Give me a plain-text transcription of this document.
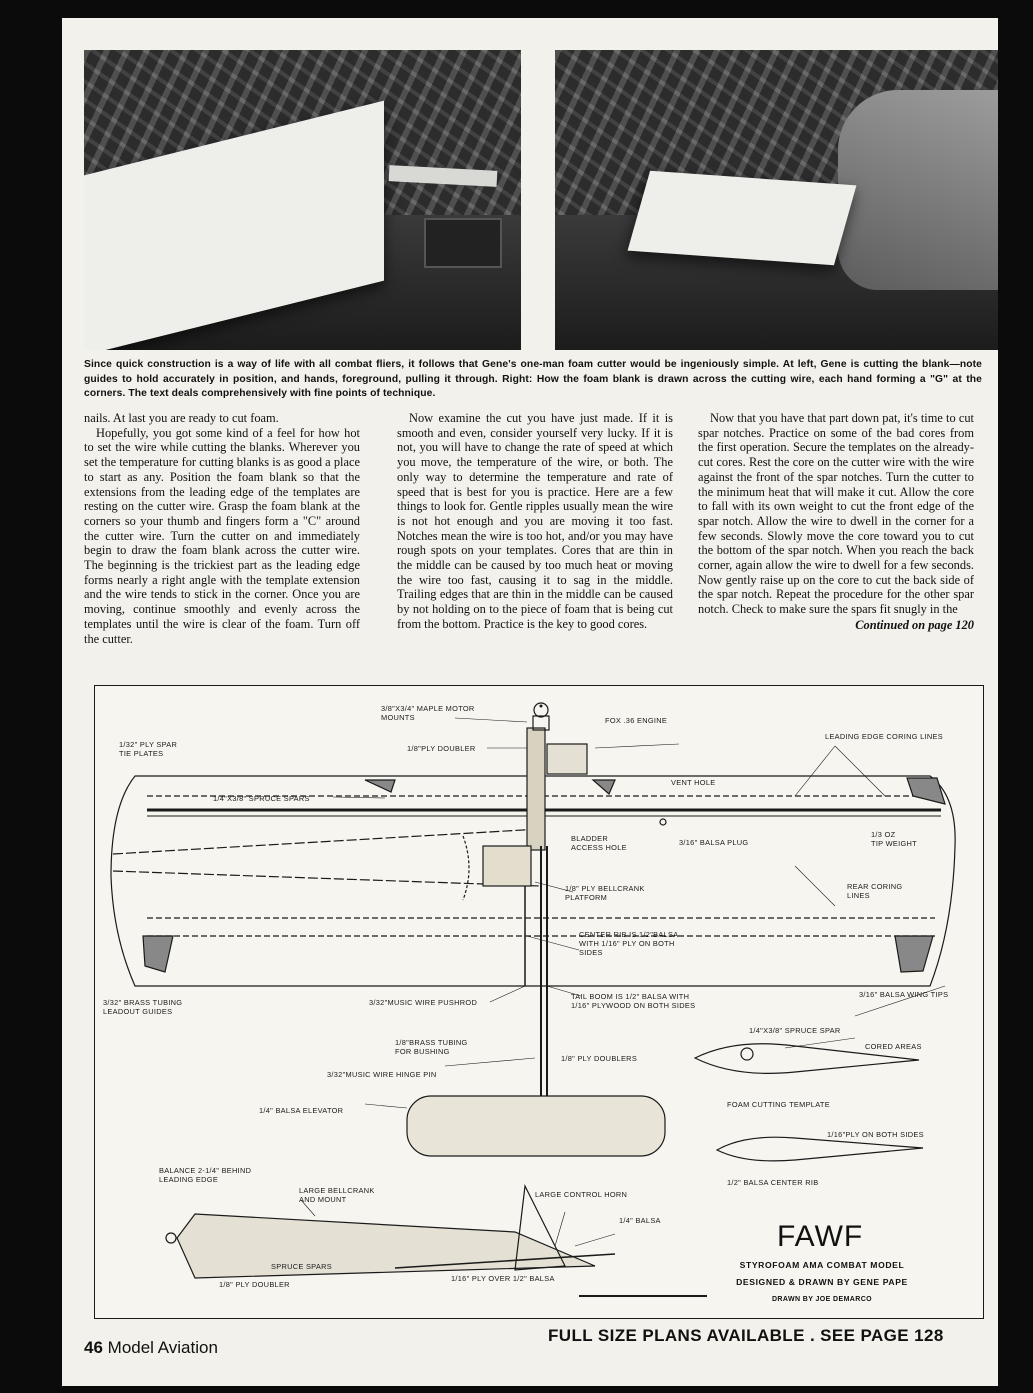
Since quick construction is a way of life with all combat fliers, it follows that Gene's one-man foam cutter would be ingeniously simple. At left, Gene is cutting the blank—note guides to hold accurately in position, and hands, foreground, pulling it through. Right: How the foam blank is drawn across the cutting wire, each hand forming a "G" at the corners. The text deals comprehensively with fine points of technique.

nails. At last you are ready to cut foam.

Hopefully, you got some kind of a feel for how hot to set the wire while cutting the blanks. Wherever you set the temperature for cutting blanks is as good a place to start as any. Position the foam blank so that the extensions from the leading edge of the templates are resting on the cutter wire. Grasp the foam blank at the corners so your thumb and fingers form a "C" around the cutter wire. Turn the cutter on and immediately begin to draw the foam blank across the cutter wire. The beginning is the trickiest part as the leading edge forms nearly a right angle with the template extension and the wire tends to stick in the corner. Once you are moving, continue smoothly and evenly across the templates until the wire is clear of the foam. Turn off the cutter.

Now examine the cut you have just made. If it is smooth and even, consider yourself very lucky. If it is not, you will have to change the rate of speed at which you move, the temperature of the wire, or both. The only way to determine the temperature and rate of speed that is best for you is practice. Here are a few things to look for. Gentle ripples usually mean the wire is not hot enough and you are moving it too fast. Notches mean the wire is too hot, and/or you may have rough spots on your templates. Cores that are thin in the middle can be caused by too much heat or moving the wire too fast, causing it to sag in the middle. Trailing edges that are thin in the middle can be caused by not holding on to the piece of foam that is being cut from the bottom. Practice is the key to good cores.

Now that you have that part down pat, it's time to cut spar notches. Practice on some of the bad cores from the first operation. Secure the templates on the already-cut cores. Rest the core on the cutter wire with the wire against the front of the spar notches. Turn the cutter to the minimum heat that will make it cut. Allow the core to fall with its own weight to cut the front edge of the spar notch. Allow the wire to dwell in the corner for a few seconds. Slowly move the core toward you to cut the bottom of the spar notch. When you reach the back corner, again allow the wire to dwell for a few seconds. Now gently raise up on the core to cut the back side of the spar notch. Repeat the procedure for the other spar notch. Check to make sure the spars fit snugly in the

Continued on page 120
3/8"X3/4" MAPLE MOTOR
MOUNTS	FOX .36 ENGINE
1/8"PLY DOUBLER
1/32" PLY SPAR
TIE PLATES
LEADING EDGE CORING LINES
VENT HOLE
1/4"X3/8" SPRUCE SPARS
BLADDER
ACCESS HOLE
3/16" BALSA PLUG
1/3 OZ
TIP WEIGHT
1/8" PLY BELLCRANK
PLATFORM
REAR CORING
LINES
CENTER RIB IS 1/2"BALSA
WITH 1/16" PLY ON BOTH
SIDES
3/32" BRASS TUBING
LEADOUT GUIDES
3/32"MUSIC WIRE PUSHROD
TAIL BOOM IS 1/2" BALSA WITH
1/16" PLYWOOD ON BOTH SIDES
3/16" BALSA WING TIPS
1/4"X3/8" SPRUCE SPAR
CORED AREAS
1/8"BRASS TUBING
FOR BUSHING
1/8" PLY DOUBLERS
3/32"MUSIC WIRE HINGE PIN
FOAM CUTTING TEMPLATE
1/4" BALSA ELEVATOR
1/16"PLY ON BOTH SIDES
1/2" BALSA CENTER RIB
BALANCE 2-1/4" BEHIND
LEADING EDGE
LARGE BELLCRANK
AND MOUNT
LARGE CONTROL HORN
1/4" BALSA
SPRUCE SPARS
1/8" PLY DOUBLER
1/16" PLY OVER 1/2" BALSA
FAWF
STYROFOAM AMA COMBAT MODEL
DESIGNED & DRAWN BY GENE PAPE
DRAWN BY JOE DEMARCO
46 Model Aviation
FULL SIZE PLANS AVAILABLE . SEE PAGE 128
